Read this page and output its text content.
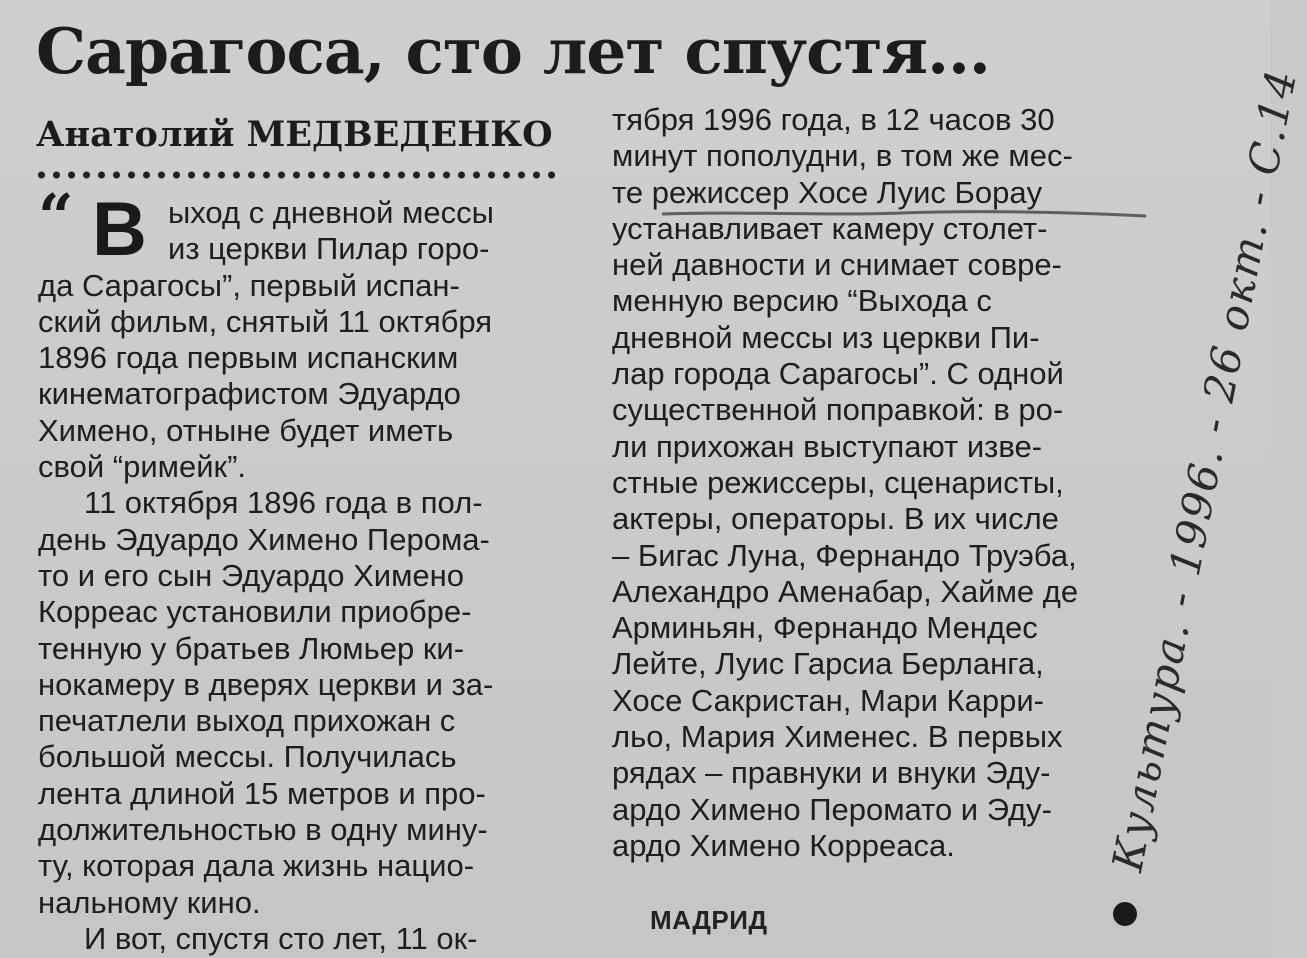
Сарагоса, сто лет спустя...
Анатолий МЕДВЕДЕНКО
“ В ыход с дневной мессы

из церкви Пилар горо-

да Сарагосы”, первый испан-

ский фильм, снятый 11 октября

1896 года первым испанским

кинематографистом Эдуардо

Химено, отныне будет иметь

свой “римейк”.

11 октября 1896 года в пол-

день Эдуардо Химено Перома-

то и его сын Эдуардо Химено

Корреас установили приобре-

тенную у братьев Люмьер ки-

нокамеру в дверях церкви и за-

печатлели выход прихожан с

большой мессы. Получилась

лента длиной 15 метров и про-

должительностью в одну мину-

ту, которая дала жизнь нацио-

нальному кино.

И вот, спустя сто лет, 11 ок-

тября 1996 года, в 12 часов 30

минут пополудни, в том же мес-

те режиссер Хосе Луис Бораy

устанавливает камеру столет-

ней давности и снимает совре-

менную версию “Выхода с

дневной мессы из церкви Пи-

лар города Сарагосы”. С одной

существенной поправкой: в ро-

ли прихожан выступают изве-

стные режиссеры, сценаристы,

актеры, операторы. В их числе

– Бигас Луна, Фернандо Труэба,

Алехандро Аменабар, Хайме де

Арминьян, Фернандо Мендес

Лейте, Луис Гарсиа Берланга,

Хосе Сакристан, Мари Карри-

льо, Мария Хименес. В первых

рядах – правнуки и внуки Эду-

ардо Химено Перомато и Эду-

ардо Химено Корреаса.

МАДРИД
Культура. - 1996. - 26 окт. - С.14
